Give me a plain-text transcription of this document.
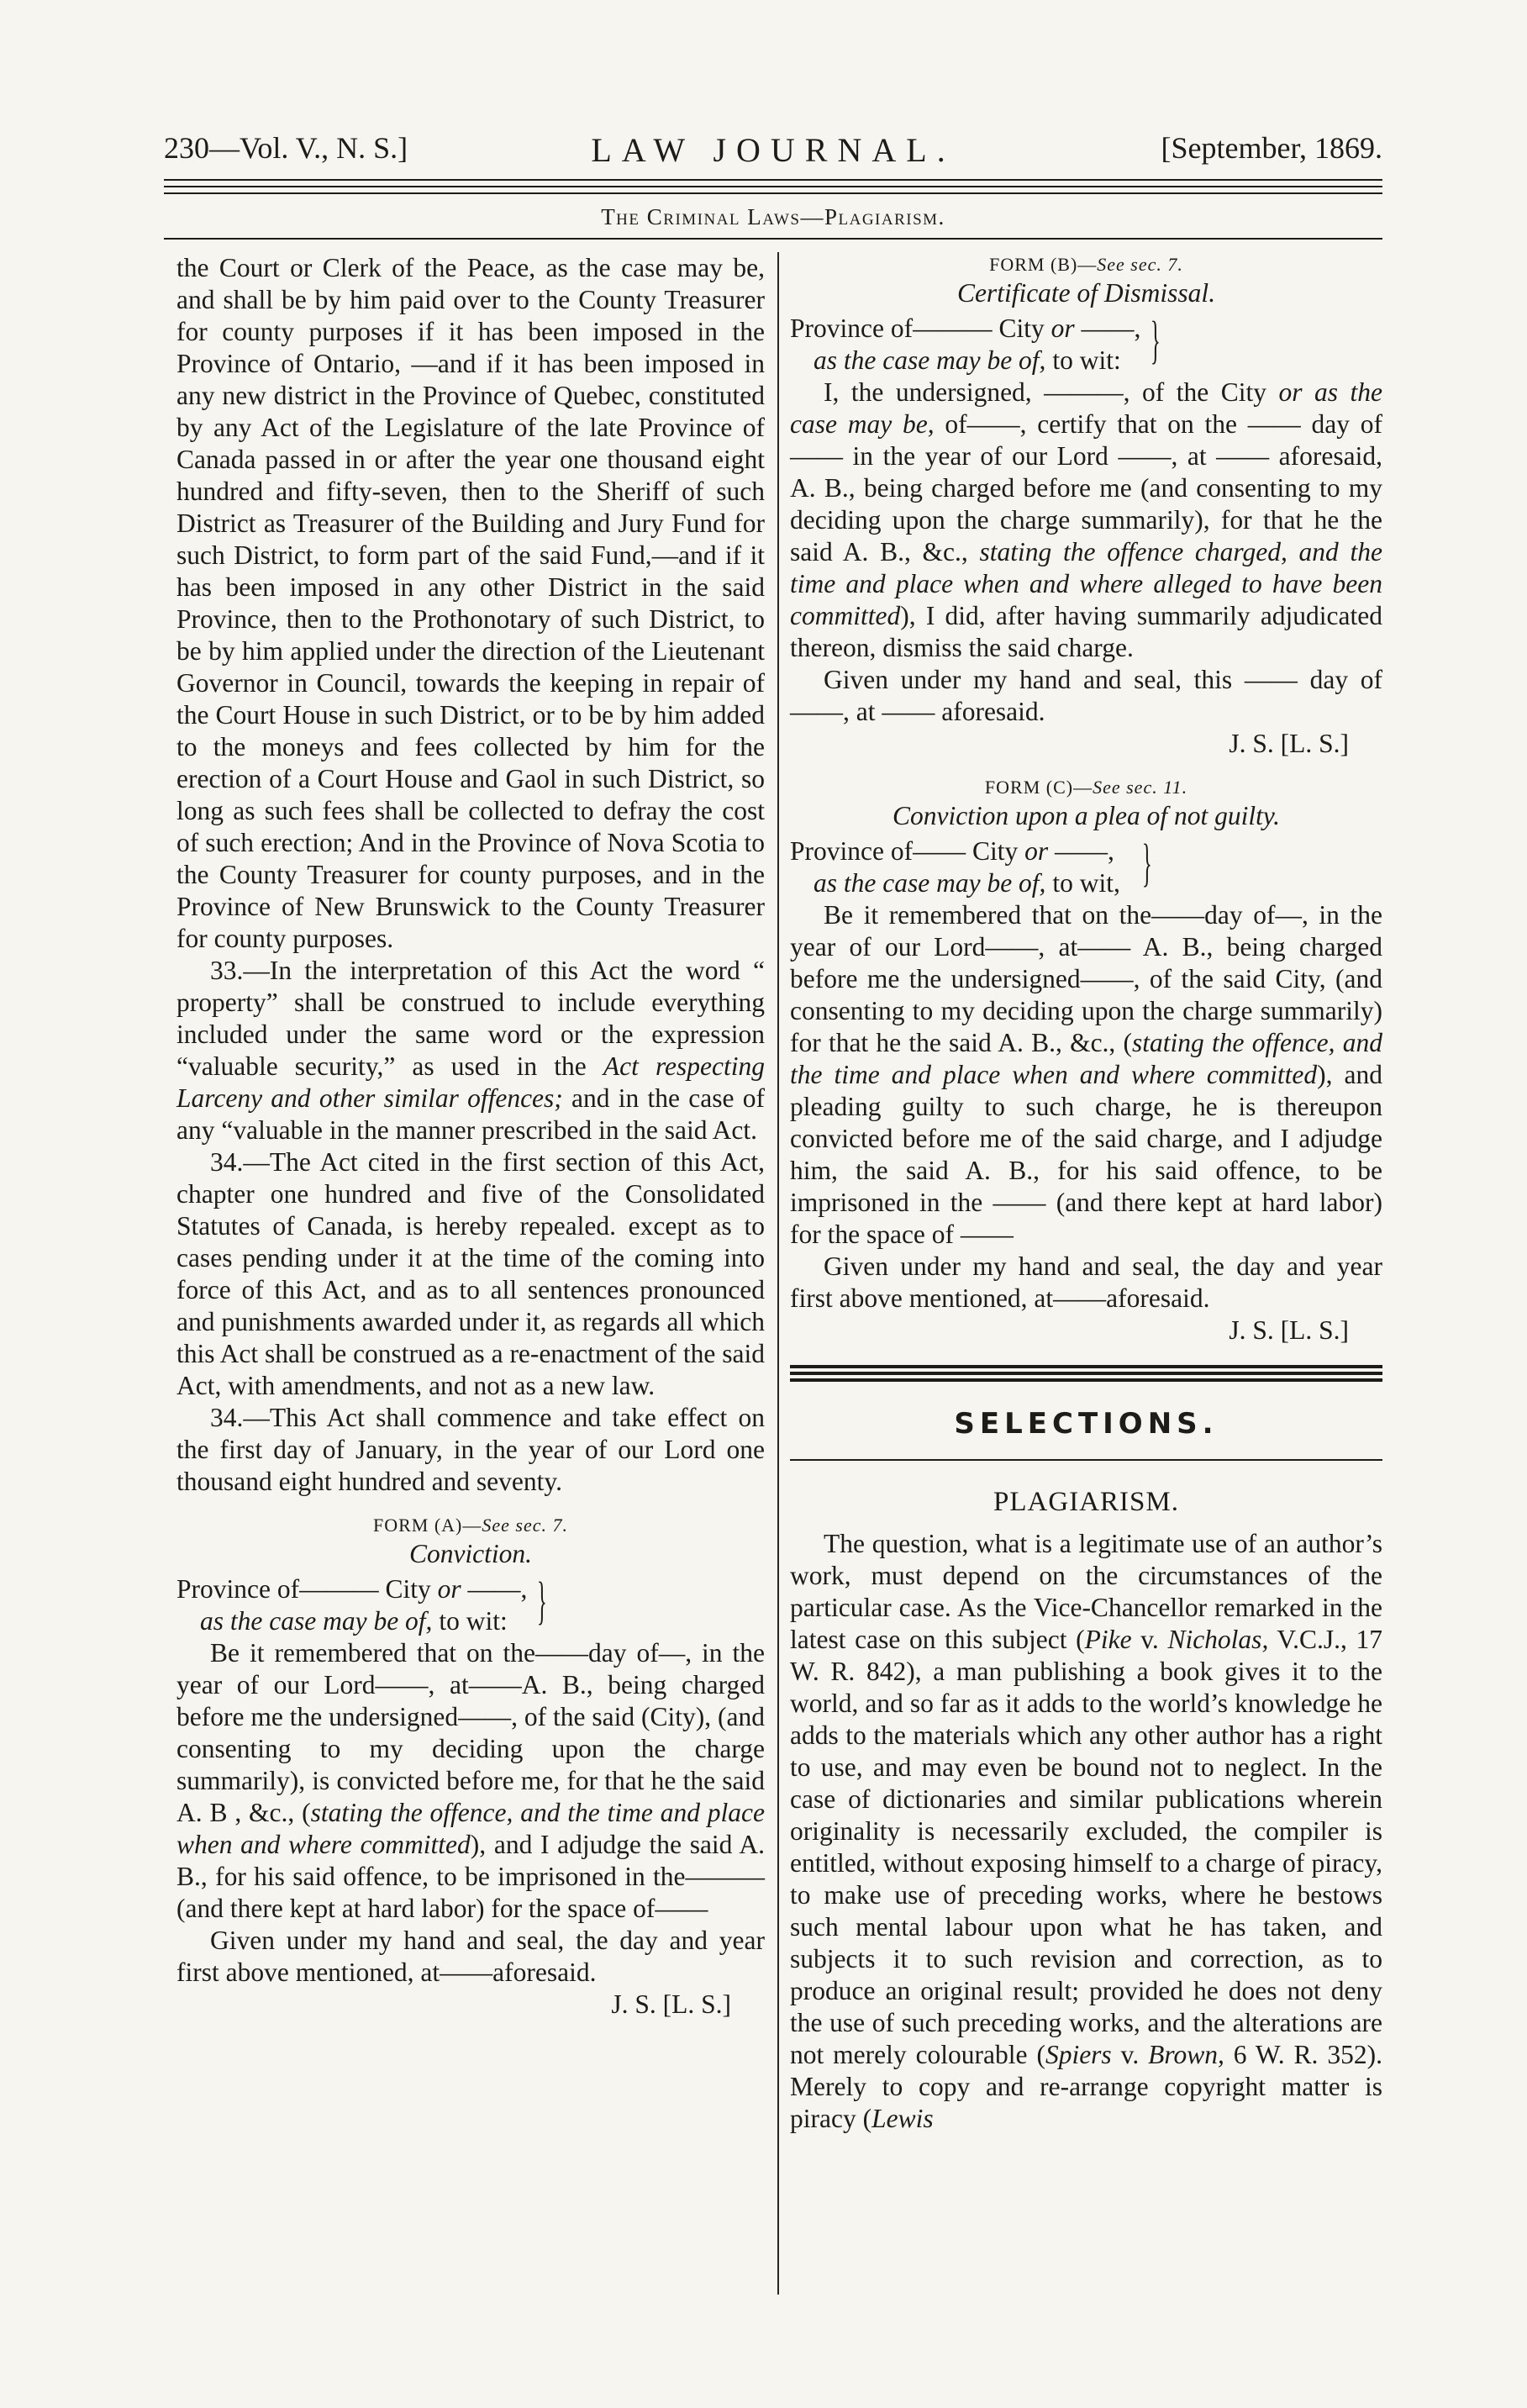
230—Vol. V., N. S.]	LAW JOURNAL.	[September, 1869.
The Criminal Laws—Plagiarism.

the Court or Clerk of the Peace, as the case may be, and shall be by him paid over to the County Treasurer for county purposes if it has been imposed in the Province of Ontario, —and if it has been imposed in any new district in the Province of Quebec, constituted by any Act of the Legislature of the late Province of Canada passed in or after the year one thousand eight hundred and fifty-seven, then to the Sheriff of such District as Treasurer of the Building and Jury Fund for such District, to form part of the said Fund,—and if it has been imposed in any other District in the said Province, then to the Prothonotary of such District, to be by him applied under the direction of the Lieutenant Governor in Council, towards the keeping in repair of the Court House in such District, or to be by him added to the moneys and fees collected by him for the erection of a Court House and Gaol in such District, so long as such fees shall be collected to defray the cost of such erection; And in the Province of Nova Scotia to the County Treasurer for county purposes, and in the Province of New Brunswick to the County Treasurer for county purposes.

33.—In the interpretation of this Act the word “ property” shall be construed to include everything included under the same word or the expression “valuable security,” as used in the Act respecting Larceny and other similar offences; and in the case of any “valuable in the manner prescribed in the said Act.

34.—The Act cited in the first section of this Act, chapter one hundred and five of the Consolidated Statutes of Canada, is hereby repealed. except as to cases pending under it at the time of the coming into force of this Act, and as to all sentences pronounced and punishments awarded under it, as regards all which this Act shall be construed as a re-enactment of the said Act, with amendments, and not as a new law.

34.—This Act shall commence and take effect on the first day of January, in the year of our Lord one thousand eight hundred and seventy.

FORM (A)—See sec. 7.
Conviction.
Province of——— City or ——,
as the case may be of, to wit: }

Be it remembered that on the——day of—, in the year of our Lord——, at——A. B., being charged before me the undersigned——, of the said (City), (and consenting to my deciding upon the charge summarily), is convicted before me, for that he the said A. B , &c., (stating the offence, and the time and place when and where committed), and I adjudge the said A. B., for his said offence, to be imprisoned in the———(and there kept at hard labor) for the space of——

Given under my hand and seal, the day and year first above mentioned, at——aforesaid.

J. S. [L. S.]

FORM (B)—See sec. 7.
Certificate of Dismissal.
Province of——— City or ——,
as the case may be of, to wit: }

I, the undersigned, ———, of the City or as the case may be, of——, certify that on the —— day of —— in the year of our Lord ——, at —— aforesaid, A. B., being charged before me (and consenting to my deciding upon the charge summarily), for that he the said A. B., &c., stating the offence charged, and the time and place when and where alleged to have been committed), I did, after having summarily adjudicated thereon, dismiss the said charge.

Given under my hand and seal, this —— day of ——, at —— aforesaid.

J. S. [L. S.]

FORM (C)—See sec. 11.
Conviction upon a plea of not guilty.
Province of—— City or ——,
as the case may be of, to wit, }

Be it remembered that on the——day of—, in the year of our Lord——, at—— A. B., being charged before me the undersigned——, of the said City, (and consenting to my deciding upon the charge summarily) for that he the said A. B., &c., (stating the offence, and the time and place when and where committed), and pleading guilty to such charge, he is thereupon convicted before me of the said charge, and I adjudge him, the said A. B., for his said offence, to be imprisoned in the —— (and there kept at hard labor) for the space of ——

Given under my hand and seal, the day and year first above mentioned, at——aforesaid.

J. S. [L. S.]

SELECTIONS.
PLAGIARISM.

The question, what is a legitimate use of an author’s work, must depend on the circumstances of the particular case. As the Vice-Chancellor remarked in the latest case on this subject (Pike v. Nicholas, V.C.J., 17 W. R. 842), a man publishing a book gives it to the world, and so far as it adds to the world’s knowledge he adds to the materials which any other author has a right to use, and may even be bound not to neglect. In the case of dictionaries and similar publications wherein originality is necessarily excluded, the compiler is entitled, without exposing himself to a charge of piracy, to make use of preceding works, where he bestows such mental labour upon what he has taken, and subjects it to such revision and correction, as to produce an original result; provided he does not deny the use of such preceding works, and the alterations are not merely colourable (Spiers v. Brown, 6 W. R. 352). Merely to copy and re-arrange copyright matter is piracy (Lewis
